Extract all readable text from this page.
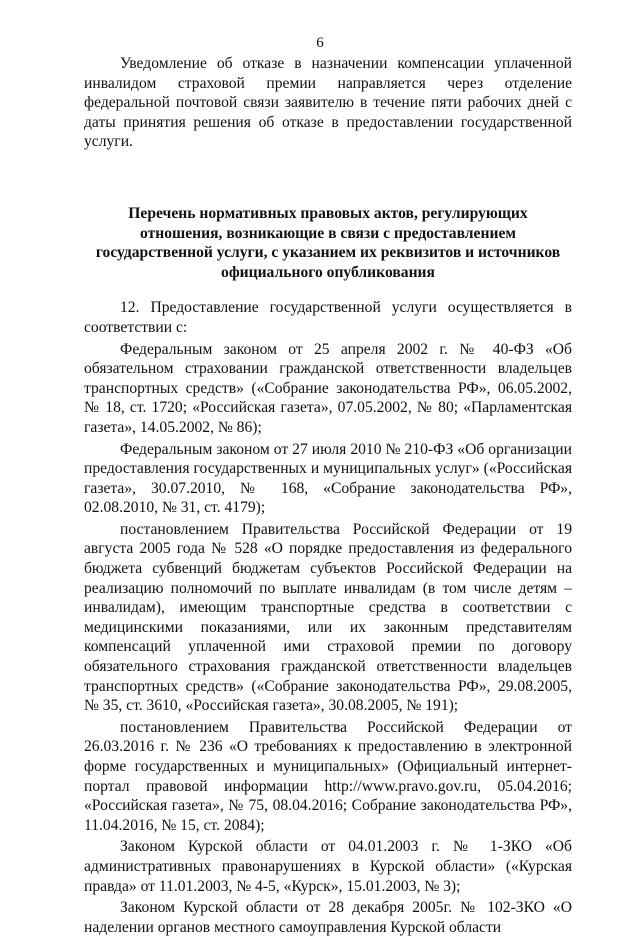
6

Уведомление об отказе в назначении компенсации уплаченной инвалидом страховой премии направляется через отделение федеральной почтовой связи заявителю в течение пяти рабочих дней с даты принятия решения об отказе в предоставлении государственной услуги.

Перечень нормативных правовых актов, регулирующих отношения, возникающие в связи с предоставлением государственной услуги, с указанием их реквизитов и источников официального опубликования

12. Предоставление государственной услуги осуществляется в соответствии с:

Федеральным законом от 25 апреля 2002 г. № 40-ФЗ «Об обязательном страховании гражданской ответственности владельцев транспортных средств» («Собрание законодательства РФ», 06.05.2002, № 18, ст. 1720; «Российская газета», 07.05.2002, № 80; «Парламентская газета», 14.05.2002, № 86);

Федеральным законом от 27 июля 2010 № 210-ФЗ «Об организации предоставления государственных и муниципальных услуг» («Российская газета», 30.07.2010, № 168, «Собрание законодательства РФ», 02.08.2010, № 31, ст. 4179);

постановлением Правительства Российской Федерации от 19 августа 2005 года № 528 «О порядке предоставления из федерального бюджета субвенций бюджетам субъектов Российской Федерации на реализацию полномочий по выплате инвалидам (в том числе детям – инвалидам), имеющим транспортные средства в соответствии с медицинскими показаниями, или их законным представителям компенсаций уплаченной ими страховой премии по договору обязательного страхования гражданской ответственности владельцев транспортных средств» («Собрание законодательства РФ», 29.08.2005, № 35, ст. 3610, «Российская газета», 30.08.2005, № 191);

постановлением Правительства Российской Федерации от 26.03.2016 г. № 236 «О требованиях к предоставлению в электронной форме государственных и муниципальных» (Официальный интернет-портал правовой информации http://www.pravo.gov.ru, 05.04.2016; «Российская газета», № 75, 08.04.2016; Собрание законодательства РФ», 11.04.2016, № 15, ст. 2084);

Законом Курской области от 04.01.2003 г. № 1-ЗКО «Об административных правонарушениях в Курской области» («Курская правда» от 11.01.2003, № 4-5, «Курск», 15.01.2003, № 3);

Законом Курской области от 28 декабря 2005г. № 102-ЗКО «О наделении органов местного самоуправления Курской области
